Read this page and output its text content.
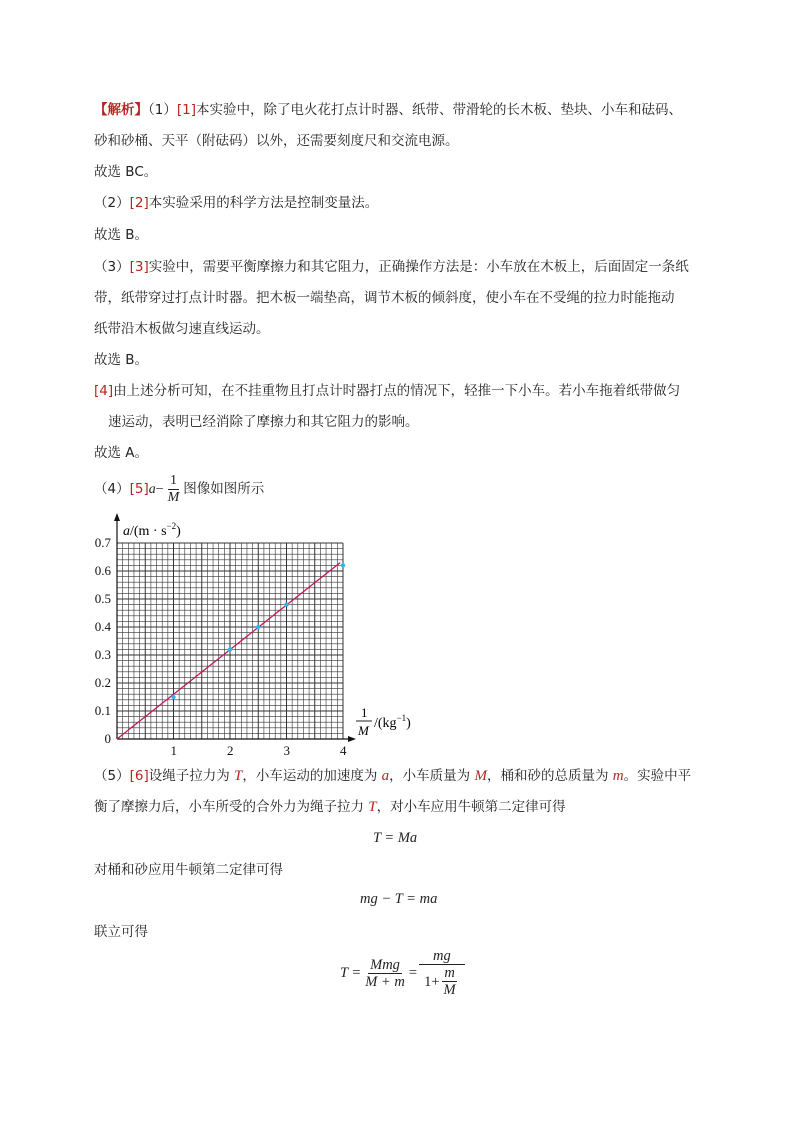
【解析】（1）[1]本实验中，除了电火花打点计时器、纸带、带滑轮的长木板、垫块、小车和砝码、
砂和砂桶、天平（附砝码）以外，还需要刻度尺和交流电源。
故选 BC。
（2）[2]本实验采用的科学方法是控制变量法。
故选 B。
（3）[3]实验中，需要平衡摩擦力和其它阻力，正确操作方法是：小车放在木板上，后面固定一条纸
带，纸带穿过打点计时器。把木板一端垫高，调节木板的倾斜度，使小车在不受绳的拉力时能拖动
纸带沿木板做匀速直线运动。
故选 B。
[4]由上述分析可知，在不挂重物且打点计时器打点的情况下，轻推一下小车。若小车拖着纸带做匀
速运动，表明已经消除了摩擦力和其它阻力的影响。
故选 A。
$(4)[5]a- \frac{1}{M}$ 图像如图所示
1	2	3	4
0.7
0.6
0.5
0.4
0.3
0.2
0.1
0
$a/(m \cdot s^{-2})$
1
M $/(kg^{-1})$
（5）[6]设绳子拉力为 T，小车运动的加速度为 a，小车质量为 M，桶和砂的总质量为 m。实验中平
衡了摩擦力后，小车所受的合外力为绳子拉力 T，对小车应用牛顿第二定律可得
T = Ma
对桶和砂应用牛顿第二定律可得
mg − T = ma
联立可得
$T = \frac{\text{Mmg}}{M + m} = \frac{mg}{1+ \frac{m}{M}}$
